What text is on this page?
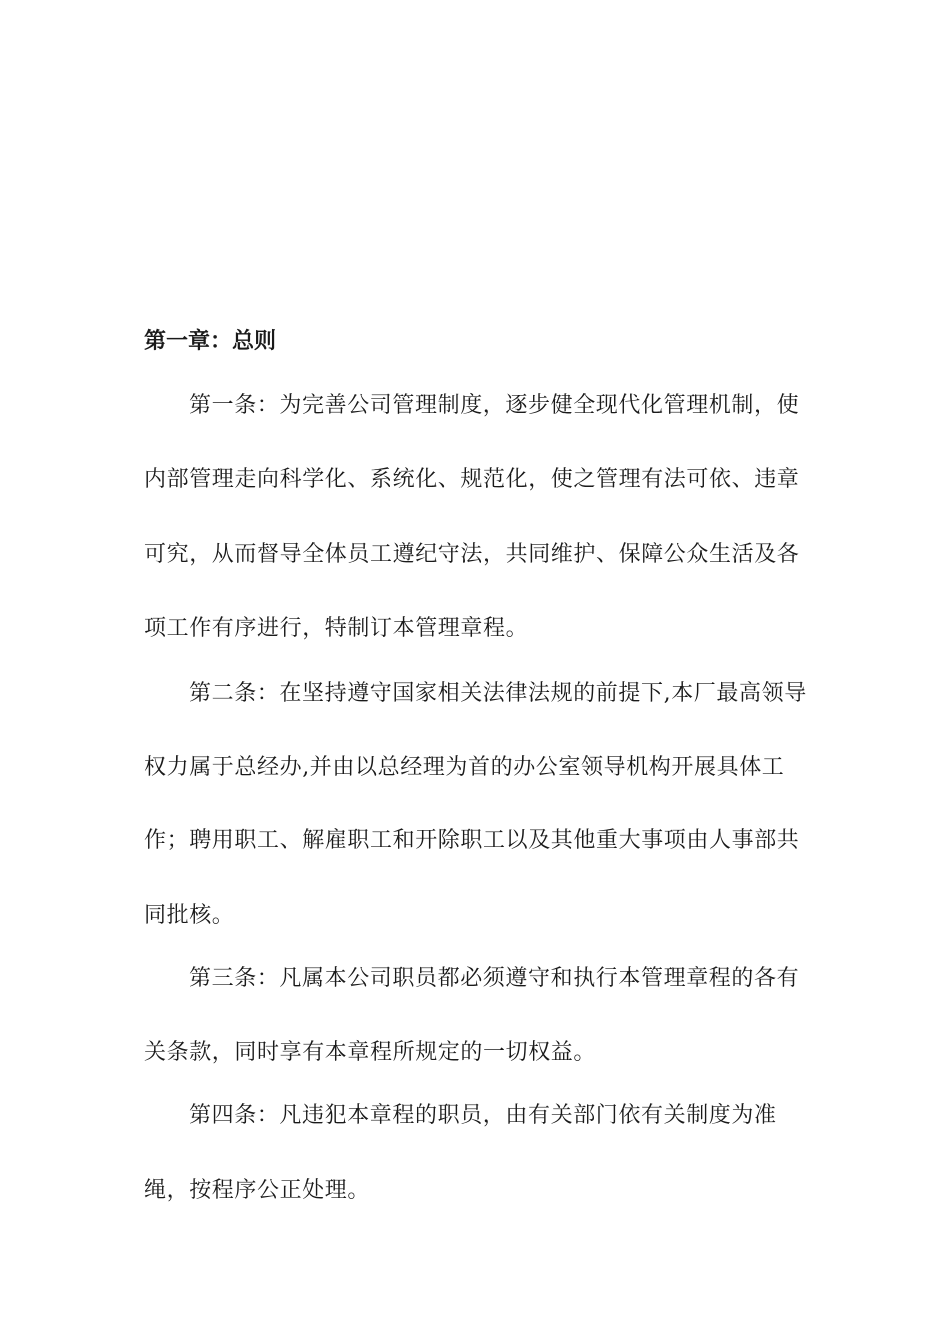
第一章：总则
第一条：为完善公司管理制度，逐步健全现代化管理机制，使
内部管理走向科学化、系统化、规范化，使之管理有法可依、违章
可究，从而督导全体员工遵纪守法，共同维护、保障公众生活及各
项工作有序进行，特制订本管理章程。
第二条：在坚持遵守国家相关法律法规的前提下,本厂最高领导
权力属于总经办,并由以总经理为首的办公室领导机构开展具体工
作；聘用职工、解雇职工和开除职工以及其他重大事项由人事部共
同批核。
第三条：凡属本公司职员都必须遵守和执行本管理章程的各有
关条款，同时享有本章程所规定的一切权益。
第四条：凡违犯本章程的职员，由有关部门依有关制度为准
绳，按程序公正处理。
